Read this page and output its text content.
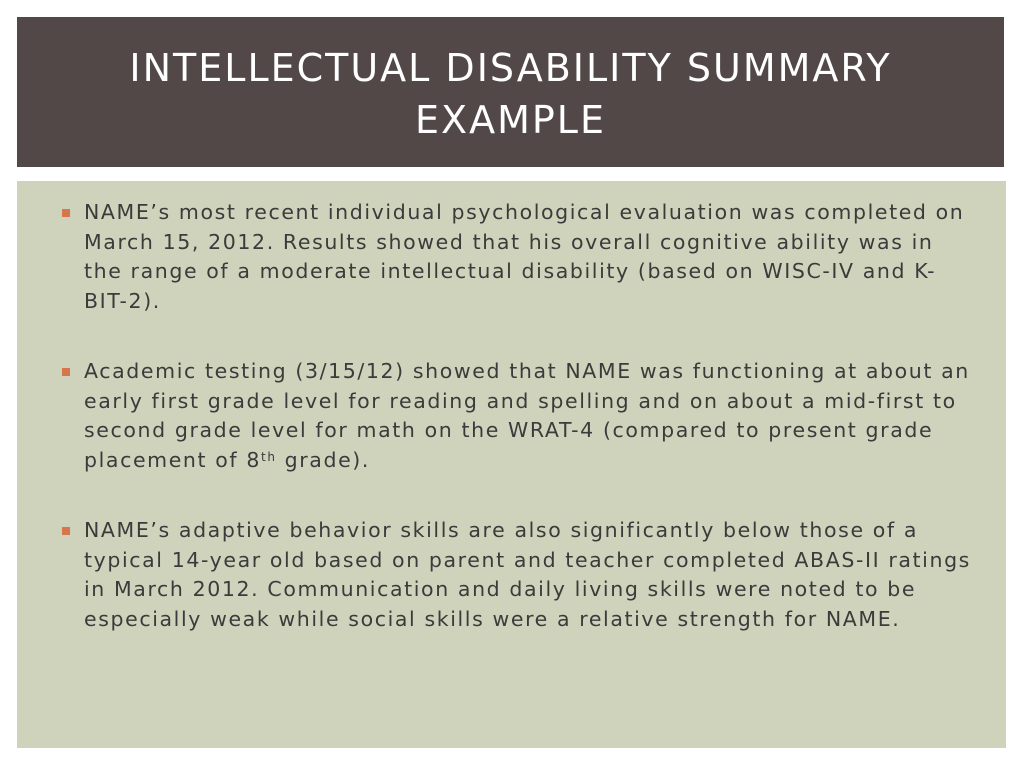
INTELLECTUAL DISABILITY SUMMARY EXAMPLE
NAME’s most recent individual psychological evaluation was completed on March 15, 2012. Results showed that his overall cognitive ability was in the range of a moderate intellectual disability (based on WISC-IV and K-BIT-2).
Academic testing (3/15/12) showed that NAME was functioning at about an early first grade level for reading and spelling and on about a mid-first to second grade level for math on the WRAT-4 (compared to present grade placement of 8th grade).
NAME’s adaptive behavior skills are also significantly below those of a typical 14-year old based on parent and teacher completed ABAS-II ratings in March 2012. Communication and daily living skills were noted to be especially weak while social skills were a relative strength for NAME.
